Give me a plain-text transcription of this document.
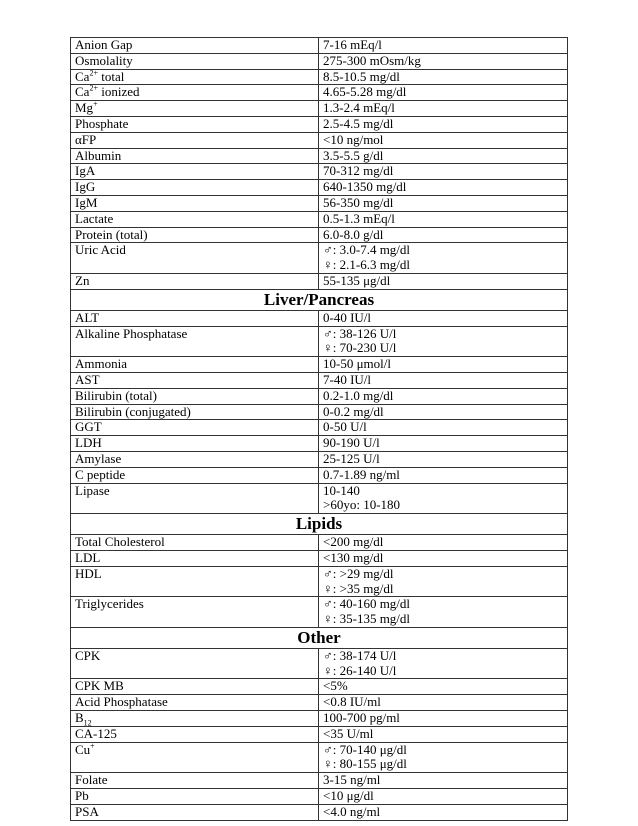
Anion Gap	7-16 mEq/l

Osmolality	275-300 mOsm/kg

$Ca^{2+}$ total	8.5-10.5 mg/dl

$Ca^{2+}$ ionized	4.65-5.28 mg/dl

Mg+	1.3-2.4 mEq/l

Phosphate	2.5-4.5 mg/dl

αFP	<10 ng/mol

Albumin	3.5-5.5 g/dl

IgA	70-312 mg/dl

IgG	640-1350 mg/dl

IgM	56-350 mg/dl

Lactate	0.5-1.3 mEq/l

Protein (total)	6.0-8.0 g/dl

Uric Acid	♂: 3.0-7.4 mg/dl
♀: 2.1-6.3 mg/dl

Zn	55-135 μg/dl

Liver/Pancreas	
ALT	0-40 IU/l

Alkaline Phosphatase	♂: 38-126 U/l
♀: 70-230 U/l

Ammonia	10-50 μmol/l

AST	7-40 IU/l

Bilirubin (total)	0.2-1.0 mg/dl

Bilirubin (conjugated)	0-0.2 mg/dl

GGT	0-50 U/l

LDH	90-190 U/l

Amylase	25-125 U/l

C peptide	0.7-1.89 ng/ml

Lipase	10-140
>60yo: 10-180

Lipids	
Total Cholesterol	<200 mg/dl

LDL	<130 mg/dl

HDL	♂: >29 mg/dl
♀: >35 mg/dl

Triglycerides	♂: 40-160 mg/dl
♀: 35-135 mg/dl

Other	
CPK	♂: 38-174 U/l
♀: 26-140 U/l

CPK MB	<5%

Acid Phosphatase	<0.8 IU/ml

$B_{12}$	100-700 pg/ml

CA-125	<35 U/ml

Cu+	♂: 70-140 μg/dl
♀: 80-155 μg/dl

Folate	3-15 ng/ml

Pb	<10 μg/dl

PSA	<4.0 ng/ml
